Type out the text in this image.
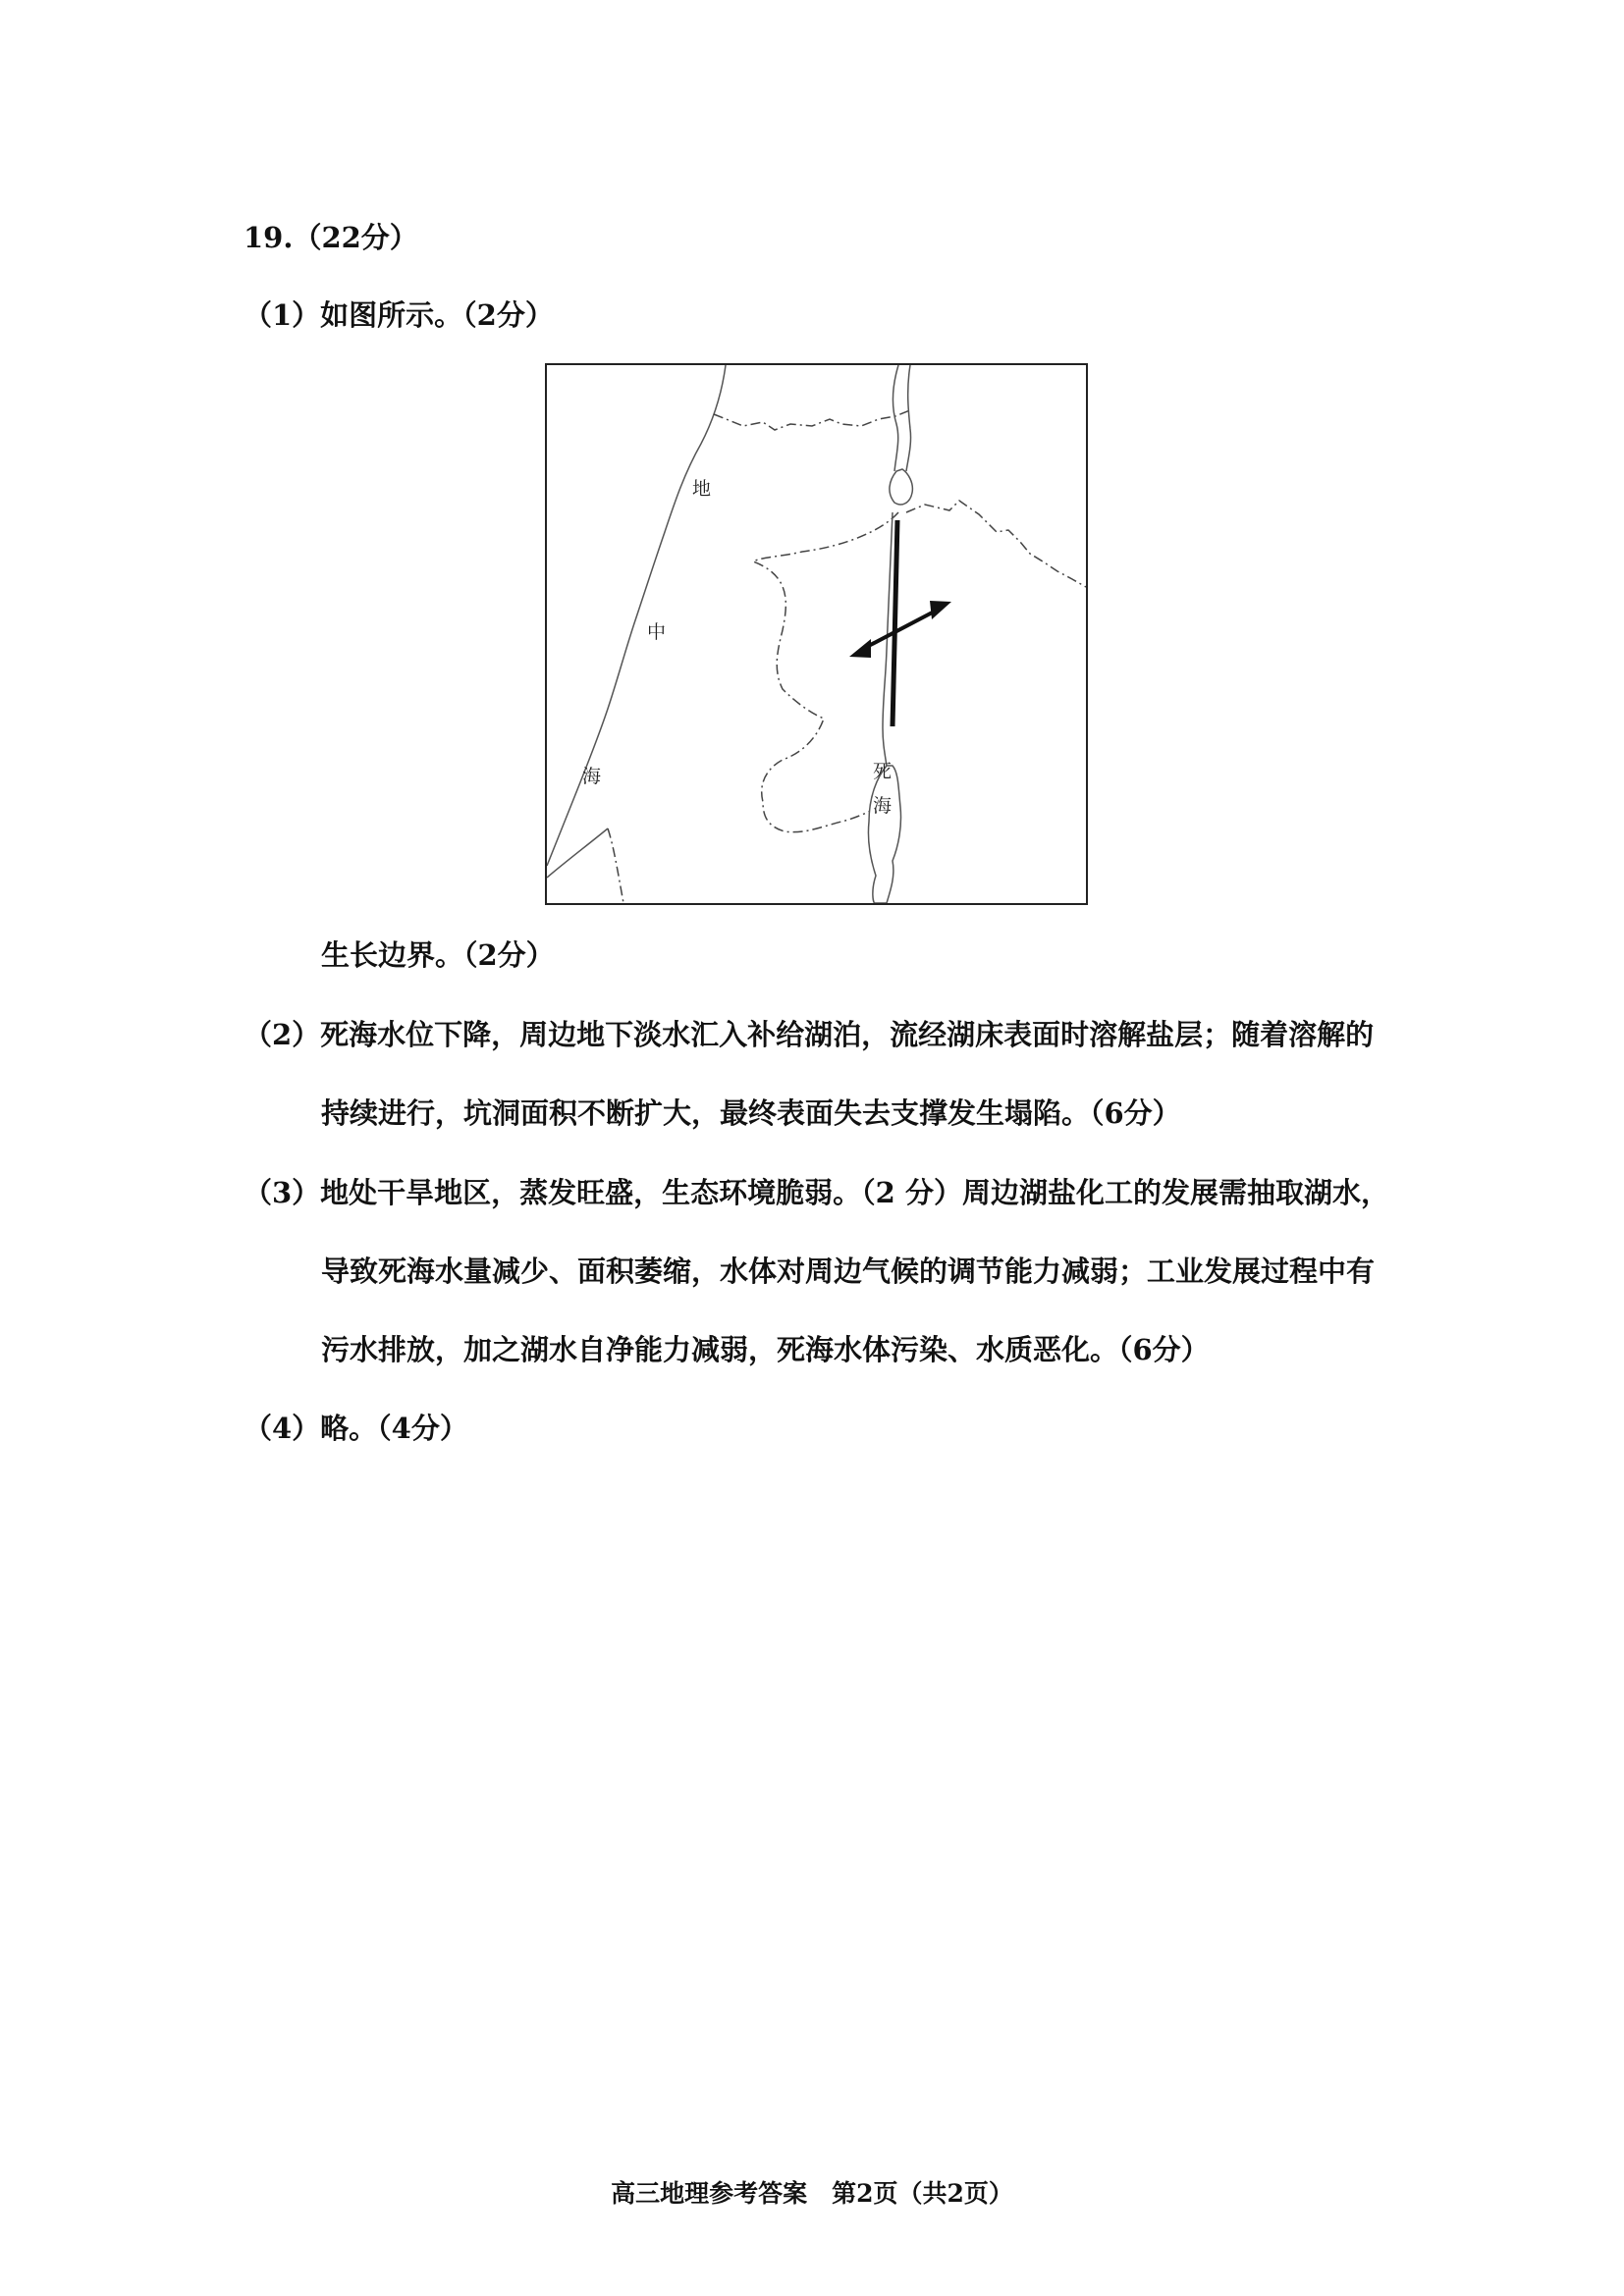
19.（22分）
（1）如图所示。（2分）
地
中
海	死
海
生长边界。（2分）
（2）死海水位下降，周边地下淡水汇入补给湖泊，流经湖床表面时溶解盐层；随着溶解的
持续进行，坑洞面积不断扩大，最终表面失去支撑发生塌陷。（6分）
（3）地处干旱地区，蒸发旺盛，生态环境脆弱。（2 分）周边湖盐化工的发展需抽取湖水，
导致死海水量减少、面积萎缩，水体对周边气候的调节能力减弱；工业发展过程中有
污水排放，加之湖水自净能力减弱，死海水体污染、水质恶化。（6分）
（4）略。（4分）
高三地理参考答案　第2页（共2页）
